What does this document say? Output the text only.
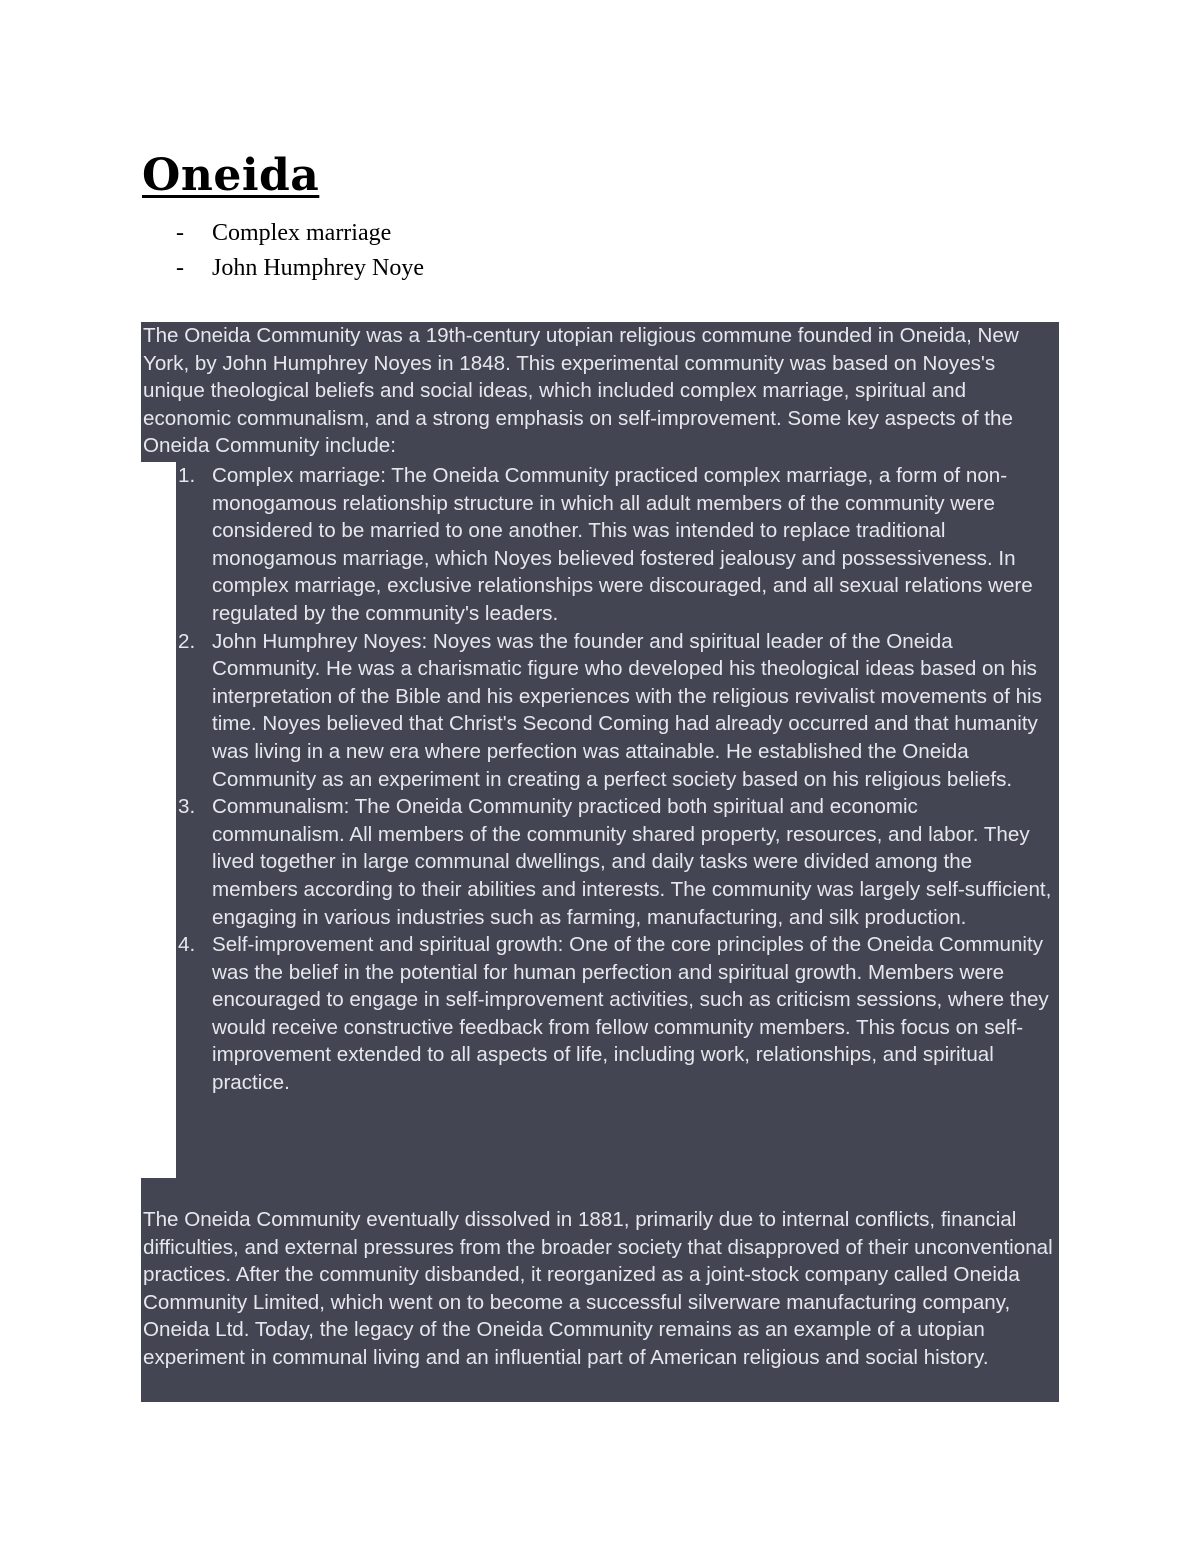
Oneida
- Complex marriage
- John Humphrey Noye

The Oneida Community was a 19th-century utopian religious commune founded in Oneida, New York, by John Humphrey Noyes in 1848. This experimental community was based on Noyes's unique theological beliefs and social ideas, which included complex marriage, spiritual and economic communalism, and a strong emphasis on self-improvement. Some key aspects of the Oneida Community include:

1. Complex marriage: The Oneida Community practiced complex marriage, a form of non-monogamous relationship structure in which all adult members of the community were considered to be married to one another. This was intended to replace traditional monogamous marriage, which Noyes believed fostered jealousy and possessiveness. In complex marriage, exclusive relationships were discouraged, and all sexual relations were regulated by the community's leaders.
2. John Humphrey Noyes: Noyes was the founder and spiritual leader of the Oneida Community. He was a charismatic figure who developed his theological ideas based on his interpretation of the Bible and his experiences with the religious revivalist movements of his time. Noyes believed that Christ's Second Coming had already occurred and that humanity was living in a new era where perfection was attainable. He established the Oneida Community as an experiment in creating a perfect society based on his religious beliefs.
3. Communalism: The Oneida Community practiced both spiritual and economic communalism. All members of the community shared property, resources, and labor. They lived together in large communal dwellings, and daily tasks were divided among the members according to their abilities and interests. The community was largely self-sufficient, engaging in various industries such as farming, manufacturing, and silk production.
4. Self-improvement and spiritual growth: One of the core principles of the Oneida Community was the belief in the potential for human perfection and spiritual growth. Members were encouraged to engage in self-improvement activities, such as criticism sessions, where they would receive constructive feedback from fellow community members. This focus on self-improvement extended to all aspects of life, including work, relationships, and spiritual practice.

The Oneida Community eventually dissolved in 1881, primarily due to internal conflicts, financial difficulties, and external pressures from the broader society that disapproved of their unconventional practices. After the community disbanded, it reorganized as a joint-stock company called Oneida Community Limited, which went on to become a successful silverware manufacturing company, Oneida Ltd. Today, the legacy of the Oneida Community remains as an example of a utopian experiment in communal living and an influential part of American religious and social history.
